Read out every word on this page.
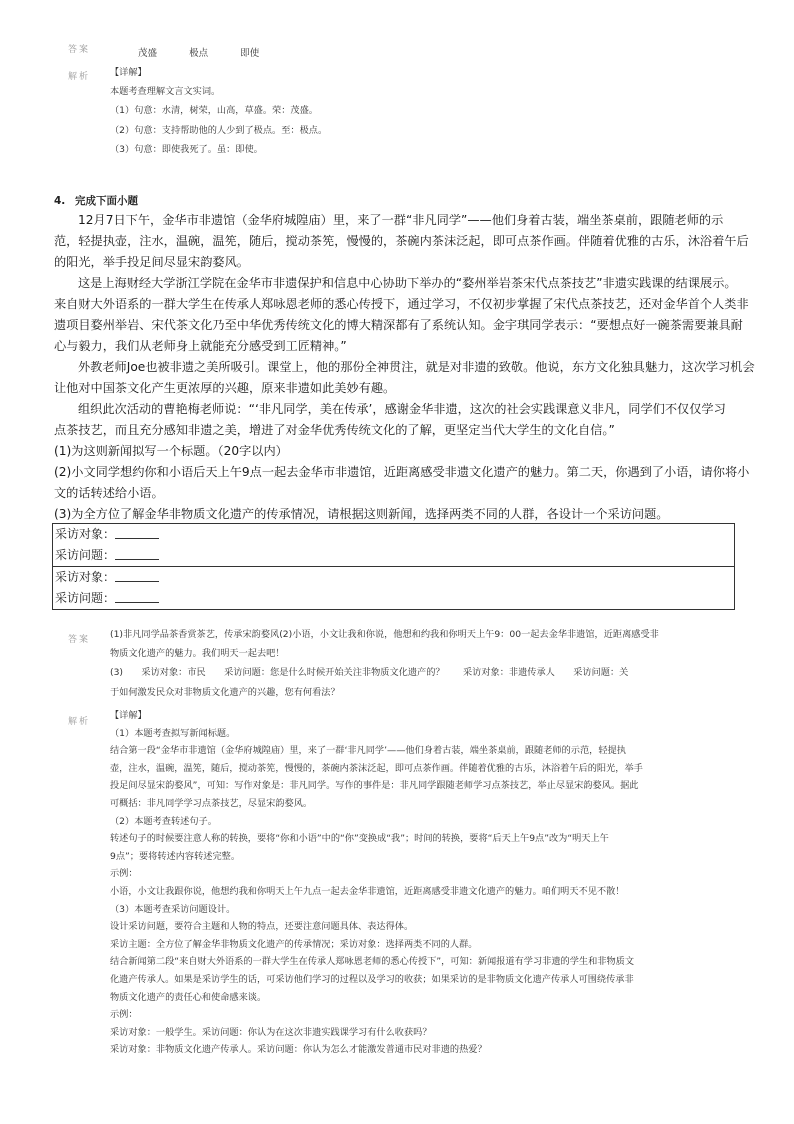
答案	茂盛	极点	即使
解析 【详解】
本题考查理解文言文实词。
（1）句意：水清，树荣，山高，草盛。荣：茂盛。
（2）句意：支持帮助他的人少到了极点。至：极点。
（3）句意：即使我死了。虽：即使。
4. 完成下面小题
12月7日下午，金华市非遗馆（金华府城隍庙）里，来了一群“非凡同学”——他们身着古装，端坐茶桌前，跟随老师的示
范，轻提执壶，注水，温碗，温筅，随后，搅动茶筅，慢慢的，茶碗内茶沫泛起，即可点茶作画。伴随着优雅的古乐，沐浴着午后
的阳光，举手投足间尽显宋韵婺风。
这是上海财经大学浙江学院在金华市非遗保护和信息中心协助下举办的“婺州举岩茶宋代点茶技艺”非遗实践课的结课展示。
来自财大外语系的一群大学生在传承人郑咏恩老师的悉心传授下，通过学习，不仅初步掌握了宋代点茶技艺，还对金华首个人类非
遗项目婺州举岩、宋代茶文化乃至中华优秀传统文化的博大精深都有了系统认知。金宇琪同学表示：“要想点好一碗茶需要兼具耐
心与毅力，我们从老师身上就能充分感受到工匠精神。”
外教老师Joe也被非遗之美所吸引。课堂上，他的那份全神贯注，就是对非遗的致敬。他说，东方文化独具魅力，这次学习机会
让他对中国茶文化产生更浓厚的兴趣，原来非遗如此美妙有趣。
组织此次活动的曹艳梅老师说：“‘非凡同学，美在传承’，感谢金华非遗，这次的社会实践课意义非凡，同学们不仅仅学习
点茶技艺，而且充分感知非遗之美，增进了对金华优秀传统文化的了解，更坚定当代大学生的文化自信。”
(1)为这则新闻拟写一个标题。（20字以内）
(2)小文同学想约你和小语后天上午9点一起去金华市非遗馆，近距离感受非遗文化遗产的魅力。第二天，你遇到了小语，请你将小
文的话转述给小语。
(3)为全方位了解金华非物质文化遗产的传承情况，请根据这则新闻，选择两类不同的人群，各设计一个采访问题。
采访对象：
采访问题：

采访对象：
采访问题：
答案 (1)非凡同学品茶香赏茶艺，传承宋韵婺风(2)小语，小文让我和你说，他想和约我和你明天上午9：00一起去金华非遗馆，近距离感受非
物质文化遗产的魅力。我们明天一起去吧！
(3)　　采访对象：市民　　采访问题：您是什么时候开始关注非物质文化遗产的？　　采访对象：非遗传承人　　采访问题：关
于如何激发民众对非物质文化遗产的兴趣，您有何看法？
解析
【详解】
（1）本题考查拟写新闻标题。
结合第一段“金华市非遗馆（金华府城隍庙）里，来了一群‘非凡同学’——他们身着古装，端坐茶桌前，跟随老师的示范，轻提执
壶，注水，温碗，温筅，随后，搅动茶筅，慢慢的，茶碗内茶沫泛起，即可点茶作画。伴随着优雅的古乐，沐浴着午后的阳光，举手
投足间尽显宋韵婺风”，可知：写作对象是：非凡同学。写作的事件是：非凡同学跟随老师学习点茶技艺，举止尽显宋韵婺风。据此
可概括：非凡同学学习点茶技艺，尽显宋韵婺风。
（2）本题考查转述句子。
转述句子的时候要注意人称的转换，要将“你和小语”中的“你”变换成“我”；时间的转换，要将“后天上午9点”改为“明天上午
9点”；要将转述内容转述完整。
示例：
小语，小文让我跟你说，他想约我和你明天上午九点一起去金华非遗馆，近距离感受非遗文化遗产的魅力。咱们明天不见不散！
（3）本题考查采访问题设计。
设计采访问题，要符合主题和人物的特点，还要注意问题具体、表达得体。
采访主题：全方位了解金华非物质文化遗产的传承情况；采访对象：选择两类不同的人群。
结合新闻第二段“来自财大外语系的一群大学生在传承人郑咏恩老师的悉心传授下”，可知：新闻报道有学习非遗的学生和非物质文
化遗产传承人。如果是采访学生的话，可采访他们学习的过程以及学习的收获；如果采访的是非物质文化遗产传承人可围绕传承非
物质文化遗产的责任心和使命感来谈。
示例：
采访对象：一般学生。采访问题：你认为在这次非遗实践课学习有什么收获吗？
采访对象：非物质文化遗产传承人。采访问题：你认为怎么才能激发普通市民对非遗的热爱？
